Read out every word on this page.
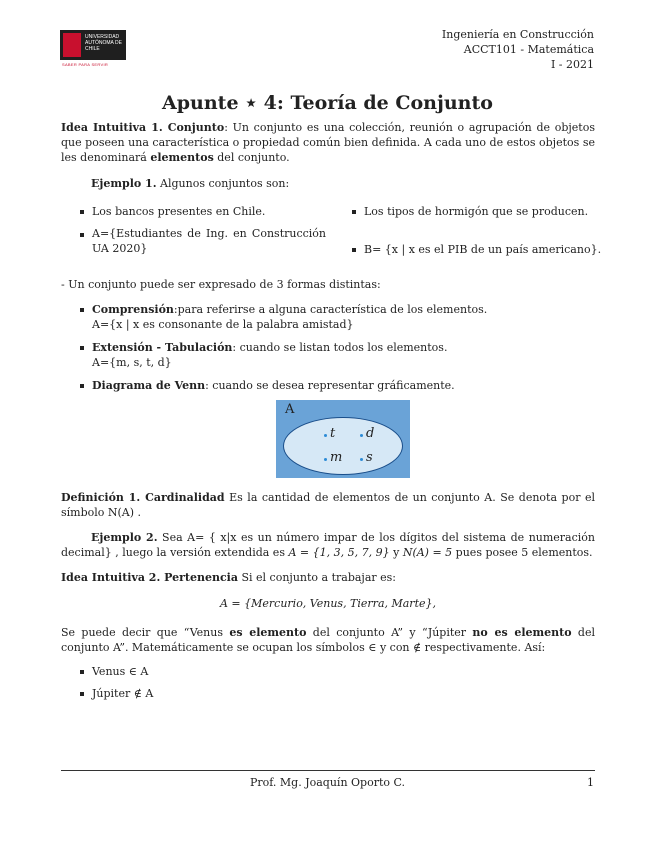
UNIVERSIDAD AUTÓNOMA DE CHILE
SABER PARA SERVIR
Ingeniería en Construcción
ACCT101 - Matemática
I - 2021
Apunte ⋆ 4: Teoría de Conjunto
Idea Intuitiva 1. Conjunto: Un conjunto es una colección, reunión o agrupación de objetos que poseen una característica o propiedad común bien definida. A cada uno de estos objetos se les denominará elementos del conjunto.
Ejemplo 1. Algunos conjuntos son:
Los bancos presentes en Chile.
A={Estudiantes de Ing. en Construcción UA 2020}
Los tipos de hormigón que se producen.
B= {x | x es el PIB de un país americano}.
- Un conjunto puede ser expresado de 3 formas distintas:
Comprensión:para referirse a alguna característica de los elementos.
A={x | x es consonante de la palabra amistad}
Extensión - Tabulación: cuando se listan todos los elementos.
A={m, s, t, d}
Diagrama de Venn: cuando se desea representar gráficamente.
A
t d
m s
Definición 1. Cardinalidad Es la cantidad de elementos de un conjunto A. Se denota por el símbolo N(A) .
Ejemplo 2. Sea A= { x|x es un número impar de los dígitos del sistema de numeración decimal} , luego la versión extendida es A = {1, 3, 5, 7, 9} y N(A) = 5 pues posee 5 elementos.
Idea Intuitiva 2. Pertenencia Si el conjunto a trabajar es:
A = {Mercurio, Venus, Tierra, Marte},
Se puede decir que “Venus es elemento del conjunto A” y “Júpiter no es elemento del conjunto A”. Matemáticamente se ocupan los símbolos ∈ y con ∉ respectivamente. Así:
Venus ∈ A
Júpiter ∉ A
Prof. Mg. Joaquín Oporto C.	1
